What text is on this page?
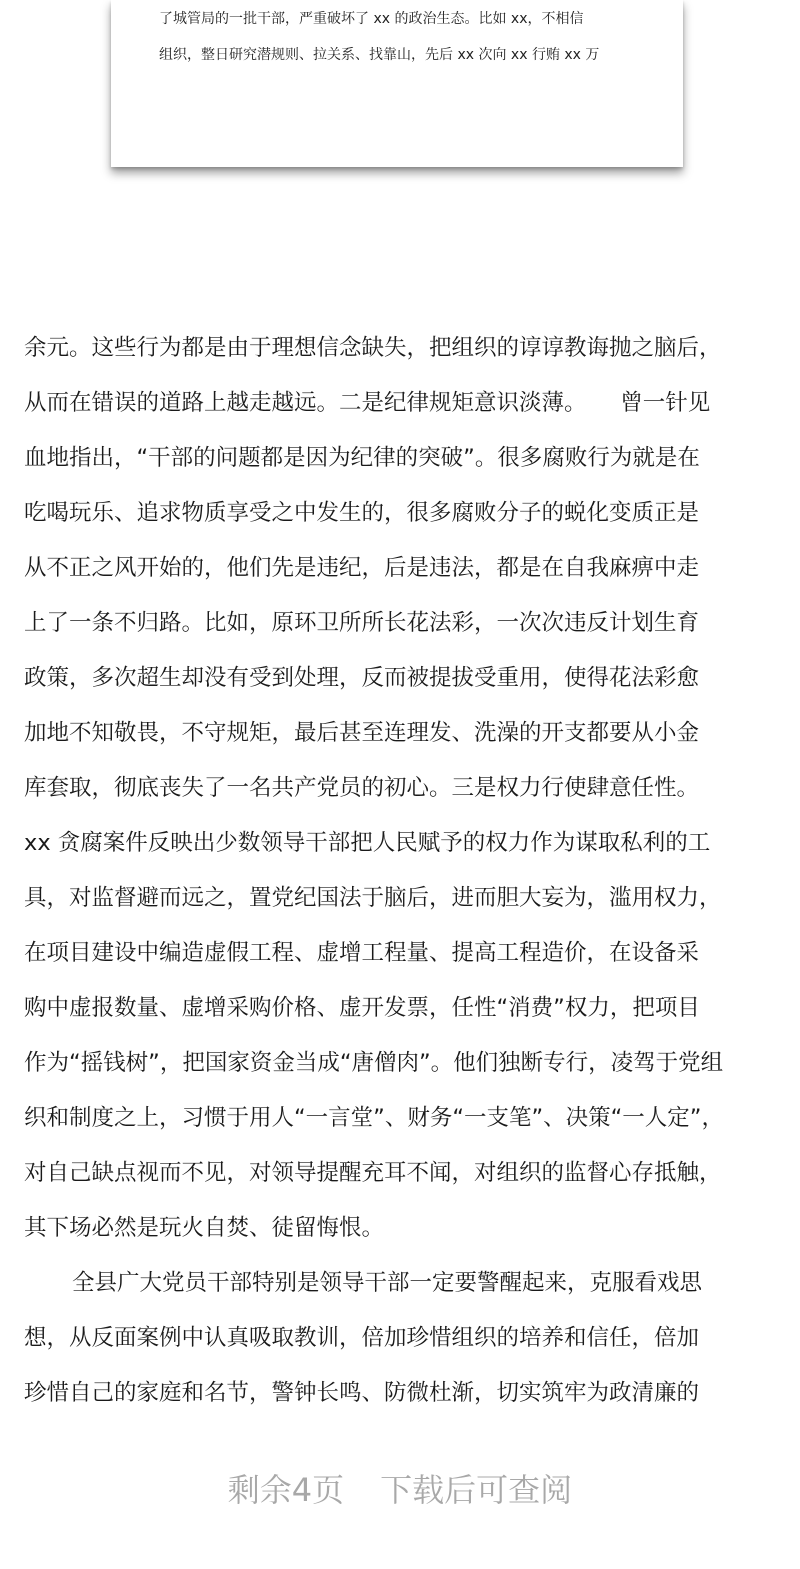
了城管局的一批干部，严重破坏了 xx 的政治生态。比如 xx，不相信
组织，整日研究潜规则、拉关系、找靠山，先后 xx 次向 xx 行贿 xx 万
余元。这些行为都是由于理想信念缺失，把组织的谆谆教诲抛之脑后，
从而在错误的道路上越走越远。二是纪律规矩意识淡薄。　　曾一针见
血地指出，“干部的问题都是因为纪律的突破”。很多腐败行为就是在
吃喝玩乐、追求物质享受之中发生的，很多腐败分子的蜕化变质正是
从不正之风开始的，他们先是违纪，后是违法，都是在自我麻痹中走
上了一条不归路。比如，原环卫所所长花法彩，一次次违反计划生育
政策，多次超生却没有受到处理，反而被提拔受重用，使得花法彩愈
加地不知敬畏，不守规矩，最后甚至连理发、洗澡的开支都要从小金
库套取，彻底丧失了一名共产党员的初心。三是权力行使肆意任性。
xx 贪腐案件反映出少数领导干部把人民赋予的权力作为谋取私利的工
具，对监督避而远之，置党纪国法于脑后，进而胆大妄为，滥用权力，
在项目建设中编造虚假工程、虚增工程量、提高工程造价，在设备采
购中虚报数量、虚增采购价格、虚开发票，任性“消费”权力，把项目
作为“摇钱树”，把国家资金当成“唐僧肉”。他们独断专行，凌驾于党组
织和制度之上，习惯于用人“一言堂”、财务“一支笔”、决策“一人定”，
对自己缺点视而不见，对领导提醒充耳不闻，对组织的监督心存抵触，
其下场必然是玩火自焚、徒留悔恨。
全县广大党员干部特别是领导干部一定要警醒起来，克服看戏思
想，从反面案例中认真吸取教训，倍加珍惜组织的培养和信任，倍加
珍惜自己的家庭和名节，警钟长鸣、防微杜渐，切实筑牢为政清廉的
剩余4页 下载后可查阅
